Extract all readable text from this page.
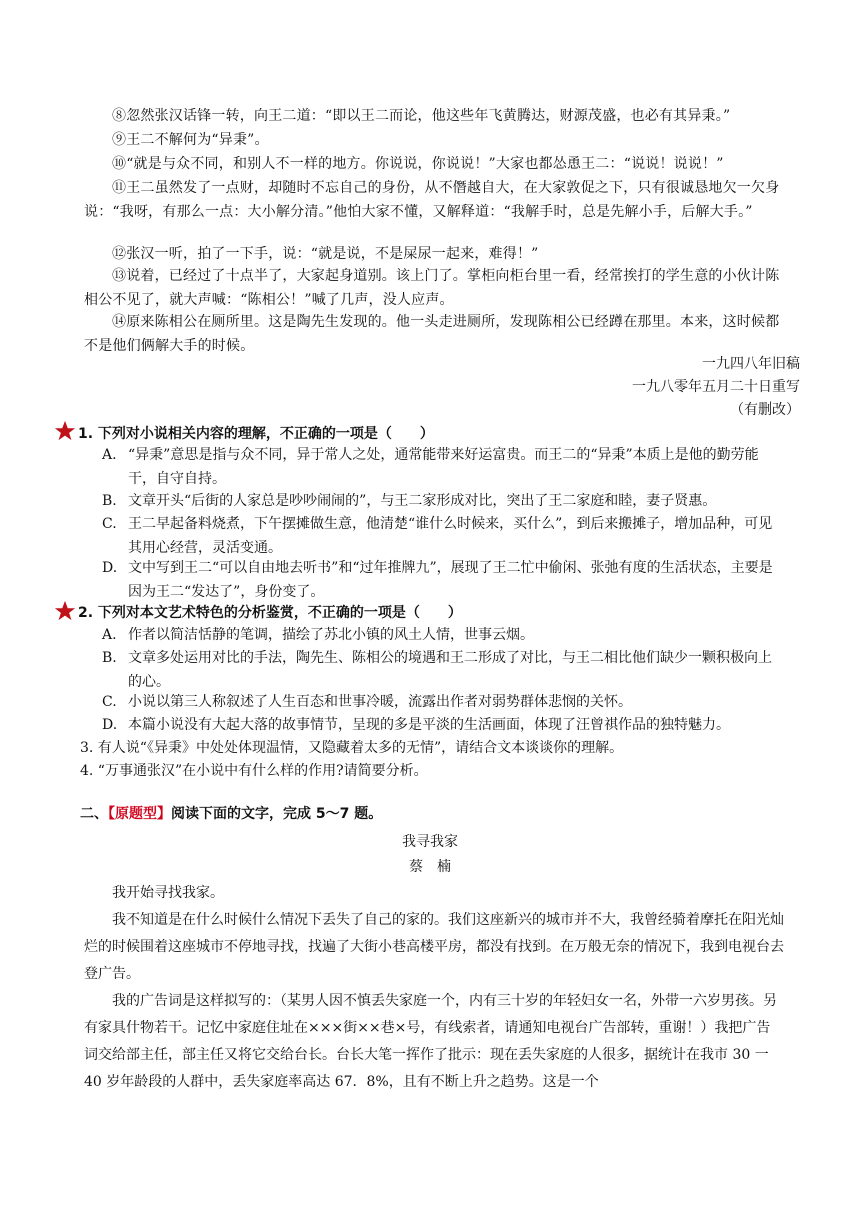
⑧忽然张汉话锋一转，向王二道：“即以王二而论，他这些年飞黄腾达，财源茂盛，也必有其异秉。”

⑨王二不解何为“异秉”。

⑩“就是与众不同，和别人不一样的地方。你说说，你说说！”大家也都怂恿王二：“说说！说说！”

⑪王二虽然发了一点财，却随时不忘自己的身份，从不僭越自大，在大家敦促之下，只有很诚恳地欠一欠身说：“我呀，有那么一点：大小解分清。”他怕大家不懂，又解释道：“我解手时，总是先解小手，后解大手。”

⑫张汉一听，拍了一下手，说：“就是说，不是屎尿一起来，难得！”

⑬说着，已经过了十点半了，大家起身道别。该上门了。掌柜向柜台里一看，经常挨打的学生意的小伙计陈相公不见了，就大声喊：“陈相公！”喊了几声，没人应声。

⑭原来陈相公在厕所里。这是陶先生发现的。他一头走进厕所，发现陈相公已经蹲在那里。本来，这时候都不是他们俩解大手的时候。

一九四八年旧稿
一九八零年五月二十日重写
（有删改）
1. 下列对小说相关内容的理解，不正确的一项是（　　）
A. “异秉”意思是指与众不同，异于常人之处，通常能带来好运富贵。而王二的“异秉”本质上是他的勤劳能干，自守自持。
B. 文章开头“后街的人家总是吵吵闹闹的”，与王二家形成对比，突出了王二家庭和睦，妻子贤惠。
C. 王二早起备料烧煮，下午摆摊做生意，他清楚“谁什么时候来，买什么”，到后来搬摊子，增加品种，可见其用心经营，灵活变通。
D. 文中写到王二“可以自由地去听书”和“过年推牌九”，展现了王二忙中偷闲、张弛有度的生活状态，主要是因为王二“发达了”，身份变了。
2. 下列对本文艺术特色的分析鉴赏，不正确的一项是（　　）
A. 作者以简洁恬静的笔调，描绘了苏北小镇的风土人情，世事云烟。
B. 文章多处运用对比的手法，陶先生、陈相公的境遇和王二形成了对比，与王二相比他们缺少一颗积极向上的心。
C. 小说以第三人称叙述了人生百态和世事冷暖，流露出作者对弱势群体悲悯的关怀。
D. 本篇小说没有大起大落的故事情节，呈现的多是平淡的生活画面，体现了汪曾祺作品的独特魅力。
3. 有人说“《异秉》中处处体现温情，又隐藏着太多的无情”，请结合文本谈谈你的理解。
4. “万事通张汉”在小说中有什么样的作用?请简要分析。
二、【原题型】阅读下面的文字，完成 5～7 题。
我寻我家
蔡　楠

我开始寻找我家。

我不知道是在什么时候什么情况下丢失了自己的家的。我们这座新兴的城市并不大，我曾经骑着摩托在阳光灿烂的时候围着这座城市不停地寻找，找遍了大街小巷高楼平房，都没有找到。在万般无奈的情况下，我到电视台去登广告。

我的广告词是这样拟写的：（某男人因不慎丢失家庭一个，内有三十岁的年轻妇女一名，外带一六岁男孩。另有家具什物若干。记忆中家庭住址在×××街××巷×号，有线索者，请通知电视台广告部转，重谢！）我把广告词交给部主任，部主任又将它交给台长。台长大笔一挥作了批示：现在丢失家庭的人很多，据统计在我市 30 一 40 岁年龄段的人群中，丢失家庭率高达 67．8%，且有不断上升之趋势。这是一个
